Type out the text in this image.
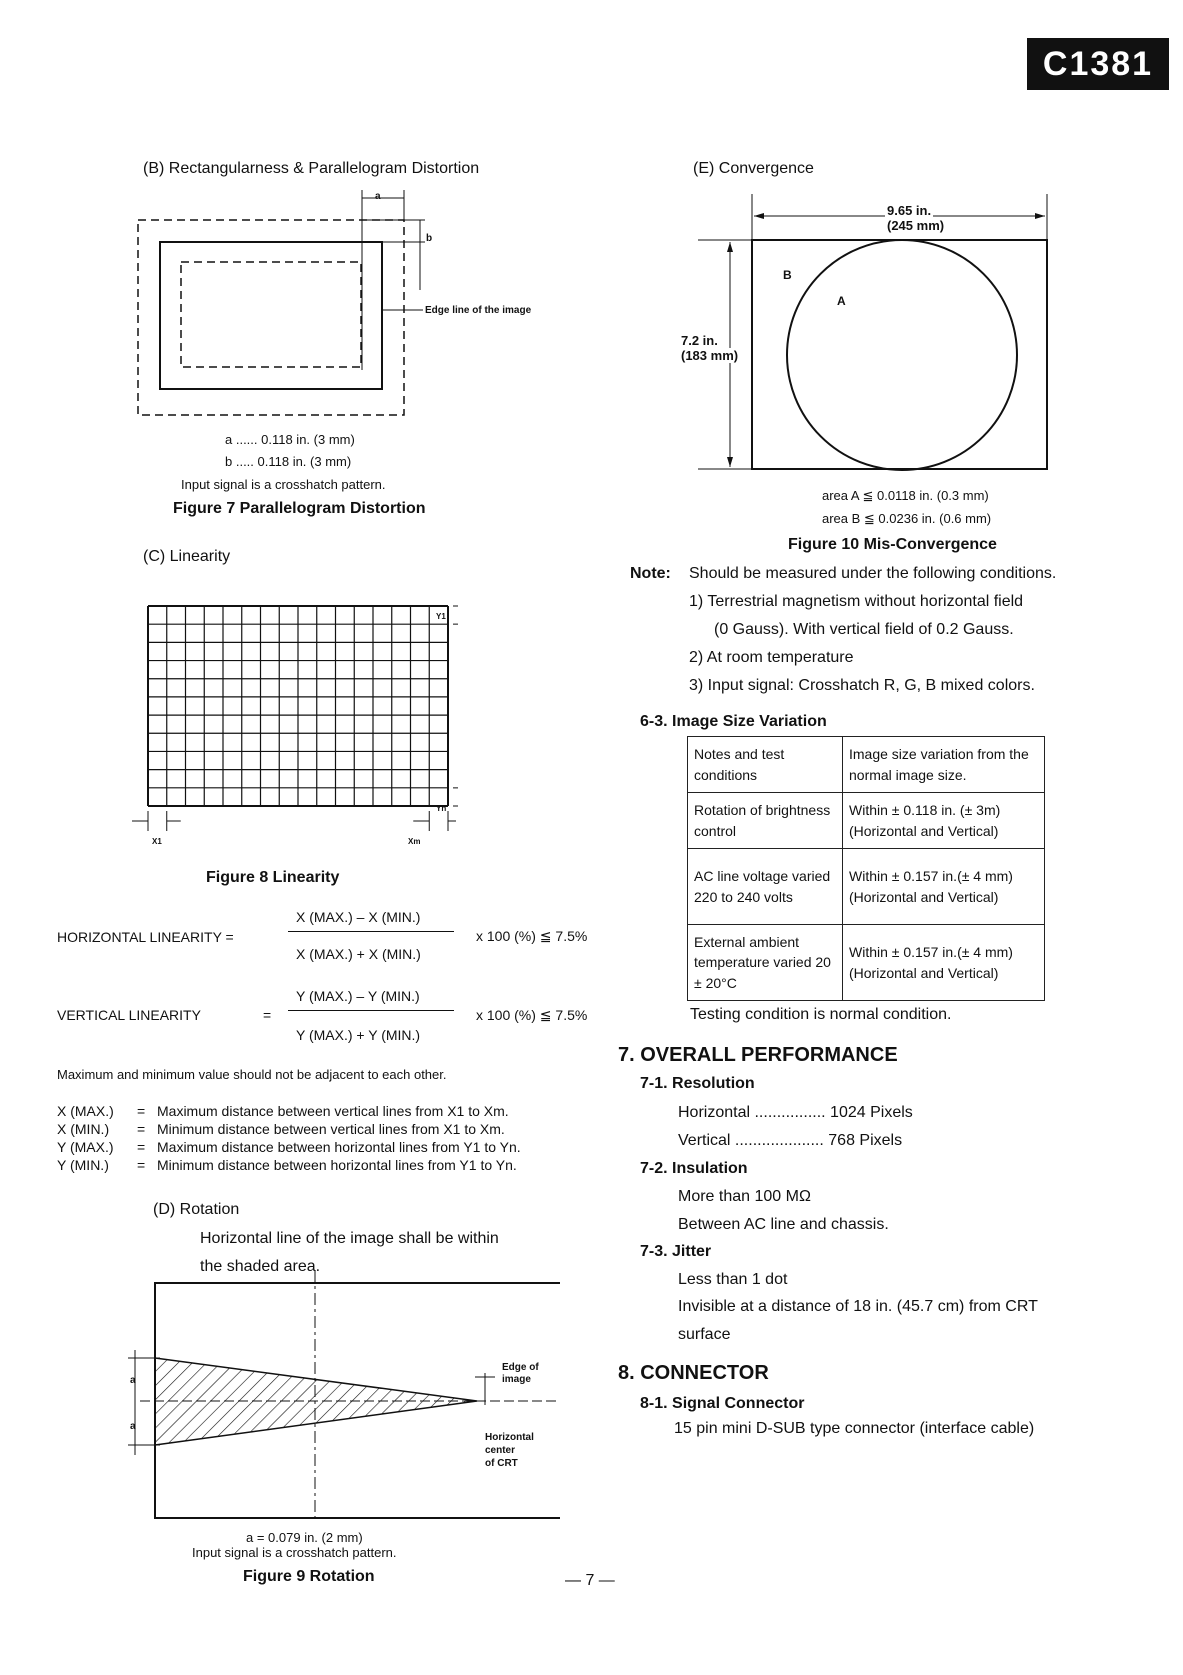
C1381
(B) Rectangularness & Parallelogram Distortion
a
b
Edge line of the image
a ...... 0.118 in. (3 mm)
b ..... 0.118 in. (3 mm)
Input signal is a crosshatch pattern.
Figure 7 Parallelogram Distortion
(C) Linearity
Y1
Yn
X1	Xm
Figure 8 Linearity
HORIZONTAL LINEARITY =
X (MAX.) – X (MIN.)
X (MAX.) + X (MIN.)
x 100 (%) ≦ 7.5%
VERTICAL LINEARITY	=
Y (MAX.) – Y (MIN.)
Y (MAX.) + Y (MIN.)
x 100 (%) ≦ 7.5%
Maximum and minimum value should not be adjacent to each other.
X (MAX.) = Maximum distance between vertical lines from X1 to Xm.
X (MIN.) = Minimum distance between vertical lines from X1 to Xm.
Y (MAX.) = Maximum distance between horizontal lines from Y1 to Yn.
Y (MIN.) = Minimum distance between horizontal lines from Y1 to Yn.
(D) Rotation
Horizontal line of the image shall be within
the shaded area.
a
a
Edge of
image
Horizontal
center
of CRT
a = 0.079 in. (2 mm)
Input signal is a crosshatch pattern.
Figure 9 Rotation	— 7 —
(E) Convergence
9.65 in.
(245 mm)
7.2 in.
(183 mm)
B
A
area A ≦ 0.0118 in. (0.3 mm)
area B ≦ 0.0236 in. (0.6 mm)
Figure 10 Mis-Convergence
Note: Should be measured under the following conditions.
1) Terrestrial magnetism without horizontal field
(0 Gauss). With vertical field of 0.2 Gauss.
2) At room temperature
3) Input signal: Crosshatch R, G, B mixed colors.
6-3. Image Size Variation
Notes and test conditions	Image size variation from the normal image size.
Rotation of brightness control	Within ± 0.118 in. (± 3m) (Horizontal and Vertical)
AC line voltage varied 220 to 240 volts	Within ± 0.157 in.(± 4 mm) (Horizontal and Vertical)
External ambient temperature varied 20 ± 20°C	Within ± 0.157 in.(± 4 mm) (Horizontal and Vertical)
Testing condition is normal condition.
7. OVERALL PERFORMANCE
7-1. Resolution
Horizontal ................ 1024 Pixels
Vertical .................... 768 Pixels
7-2. Insulation
More than 100 MΩ
Between AC line and chassis.
7-3. Jitter
Less than 1 dot
Invisible at a distance of 18 in. (45.7 cm) from CRT
surface
8. CONNECTOR
8-1. Signal Connector
15 pin mini D-SUB type connector (interface cable)
